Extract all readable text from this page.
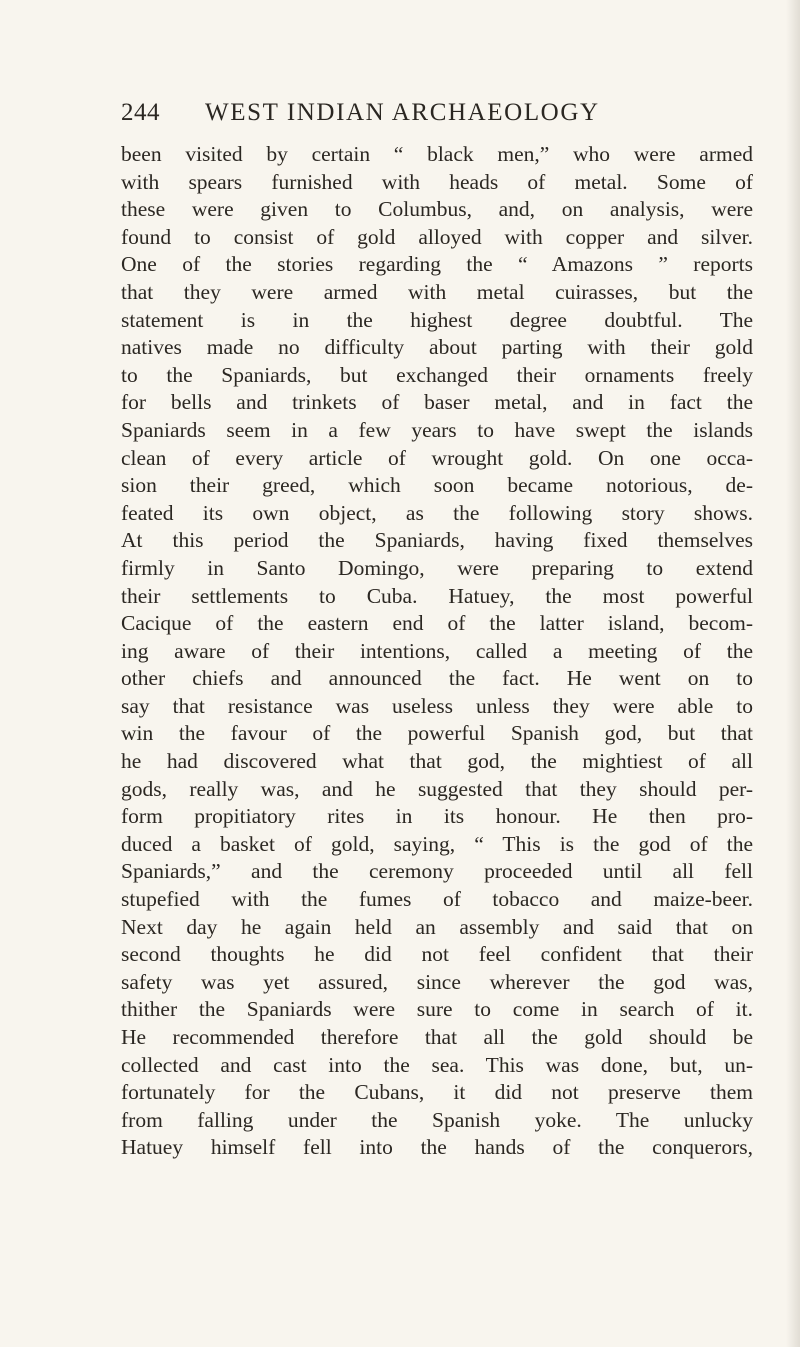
244 WEST INDIAN ARCHAEOLOGY
been visited by certain “ black men,” who were armed
with spears furnished with heads of metal. Some of
these were given to Columbus, and, on analysis, were
found to consist of gold alloyed with copper and silver.
One of the stories regarding the “ Amazons ” reports
that they were armed with metal cuirasses, but the
statement is in the highest degree doubtful. The
natives made no difficulty about parting with their gold
to the Spaniards, but exchanged their ornaments freely
for bells and trinkets of baser metal, and in fact the
Spaniards seem in a few years to have swept the islands
clean of every article of wrought gold. On one occa-
sion their greed, which soon became notorious, de-
feated its own object, as the following story shows.
At this period the Spaniards, having fixed themselves
firmly in Santo Domingo, were preparing to extend
their settlements to Cuba. Hatuey, the most powerful
Cacique of the eastern end of the latter island, becom-
ing aware of their intentions, called a meeting of the
other chiefs and announced the fact. He went on to
say that resistance was useless unless they were able to
win the favour of the powerful Spanish god, but that
he had discovered what that god, the mightiest of all
gods, really was, and he suggested that they should per-
form propitiatory rites in its honour. He then pro-
duced a basket of gold, saying, “ This is the god of the
Spaniards,” and the ceremony proceeded until all fell
stupefied with the fumes of tobacco and maize-beer.
Next day he again held an assembly and said that on
second thoughts he did not feel confident that their
safety was yet assured, since wherever the god was,
thither the Spaniards were sure to come in search of it.
He recommended therefore that all the gold should be
collected and cast into the sea. This was done, but, un-
fortunately for the Cubans, it did not preserve them
from falling under the Spanish yoke. The unlucky
Hatuey himself fell into the hands of the conquerors,
